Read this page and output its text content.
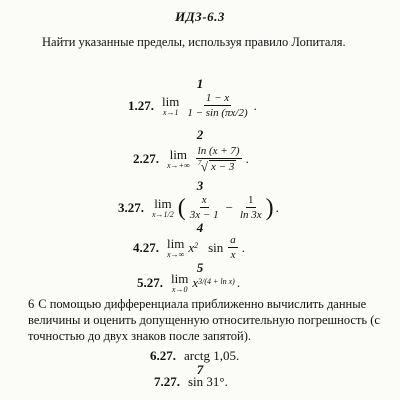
ИДЗ-6.3
Найти указанные пределы, используя правило Лопиталя.
1
1.27. lim
$x\to 1 \frac{1 - x}{1 - \sin (\pi x/2)}$ .
2
2.27. lim
x→+∞ ln (x + 7)
√
7 x − 3 .
3
3.27. lim
x→1/2 ( $\frac{x}{3x - 1} - \frac{1}{\ln 3x}$ ) .
4
4.27. lim
x→∞ x 2 $\sin \frac{a}{x}$ .
5
5.27. lim
x→0 x 3/(4 + ln x) .
6 С помощью дифференциала приближенно вычислить данные величины и оценить допущенную относительную погрешность (с точностью до двух знаков после запятой).
6.27. arctg 1,05.
7
7.27. sin 31°.
